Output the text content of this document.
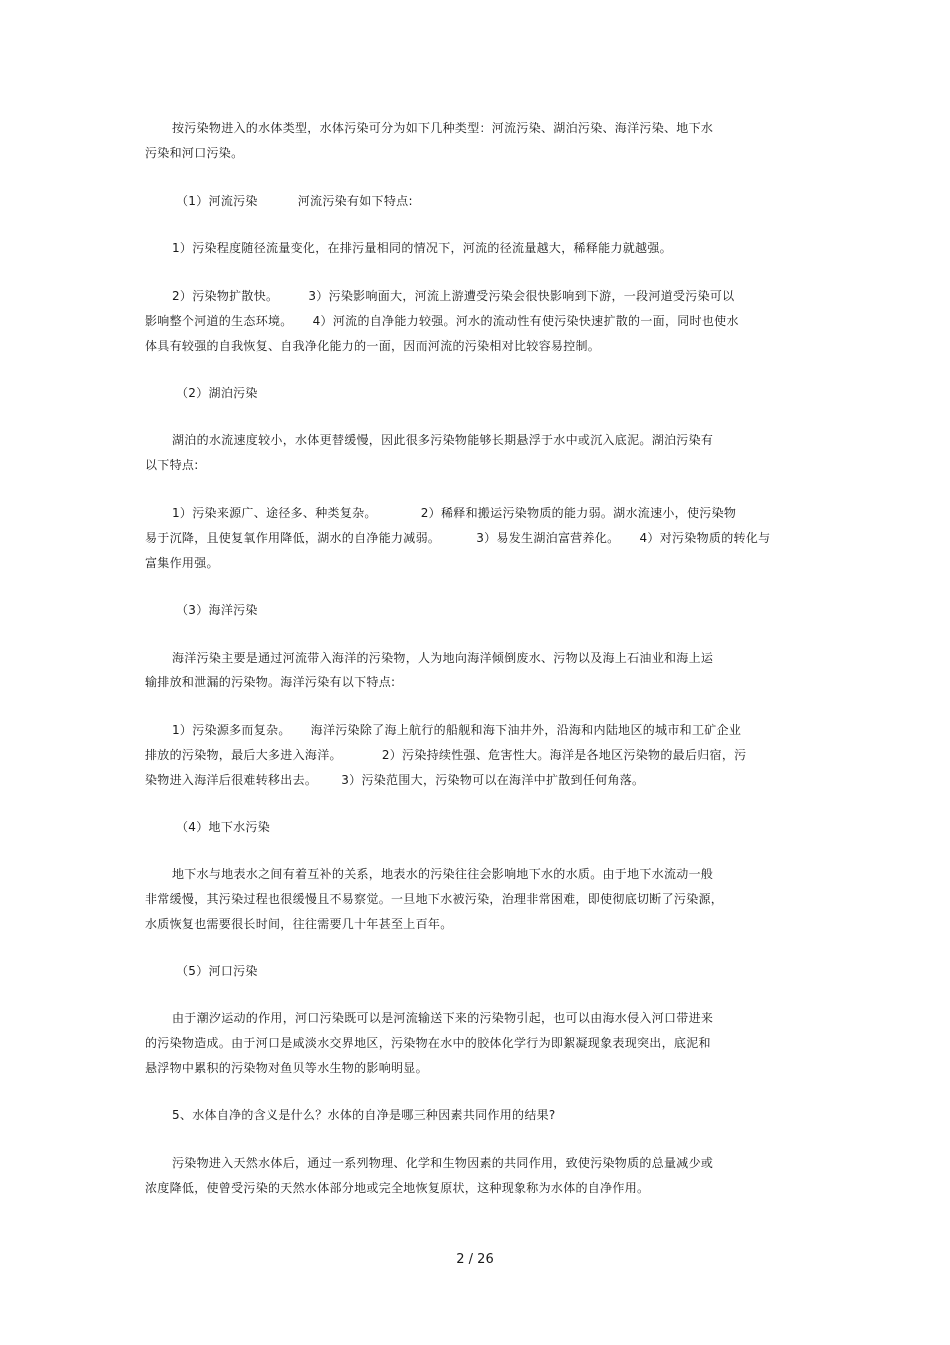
按污染物进入的水体类型，水体污染可分为如下几种类型：河流污染、湖泊污染、海洋污染、地下水

污染和河口污染。

（1）河流污染	河流污染有如下特点:

1）污染程度随径流量变化，在排污量相同的情况下，河流的径流量越大，稀释能力就越强。

2）污染物扩散快。	3）污染影响面大，河流上游遭受污染会很快影响到下游，一段河道受污染可以

影响整个河道的生态环境。 4）河流的自净能力较强。河水的流动性有使污染快速扩散的一面，同时也使水

体具有较强的自我恢复、自我净化能力的一面，因而河流的污染相对比较容易控制。

（2）湖泊污染

湖泊的水流速度较小，水体更替缓慢，因此很多污染物能够长期悬浮于水中或沉入底泥。湖泊污染有

以下特点:

1）污染来源广、途径多、种类复杂。	2）稀释和搬运污染物质的能力弱。湖水流速小，使污染物

易于沉降，且使复氧作用降低，湖水的自净能力减弱。	3）易发生湖泊富营养化。 4）对污染物质的转化与

富集作用强。

（3）海洋污染

海洋污染主要是通过河流带入海洋的污染物，人为地向海洋倾倒废水、污物以及海上石油业和海上运

输排放和泄漏的污染物。海洋污染有以下特点:

1）污染源多而复杂。 海洋污染除了海上航行的船舰和海下油井外，沿海和内陆地区的城市和工矿企业

排放的污染物，最后大多进入海洋。	2）污染持续性强、危害性大。海洋是各地区污染物的最后归宿，污

染物进入海洋后很难转移出去。 3）污染范围大，污染物可以在海洋中扩散到任何角落。

（4）地下水污染

地下水与地表水之间有着互补的关系，地表水的污染往往会影响地下水的水质。由于地下水流动一般

非常缓慢，其污染过程也很缓慢且不易察觉。一旦地下水被污染，治理非常困难，即使彻底切断了污染源，

水质恢复也需要很长时间，往往需要几十年甚至上百年。

（5）河口污染

由于潮汐运动的作用，河口污染既可以是河流输送下来的污染物引起，也可以由海水侵入河口带进来

的污染物造成。由于河口是咸淡水交界地区，污染物在水中的胶体化学行为即絮凝现象表现突出，底泥和

悬浮物中累积的污染物对鱼贝等水生物的影响明显。

5、水体自净的含义是什么？水体的自净是哪三种因素共同作用的结果?

污染物进入天然水体后，通过一系列物理、化学和生物因素的共同作用，致使污染物质的总量减少或

浓度降低，使曾受污染的天然水体部分地或完全地恢复原状，这种现象称为水体的自净作用。

2 / 26
